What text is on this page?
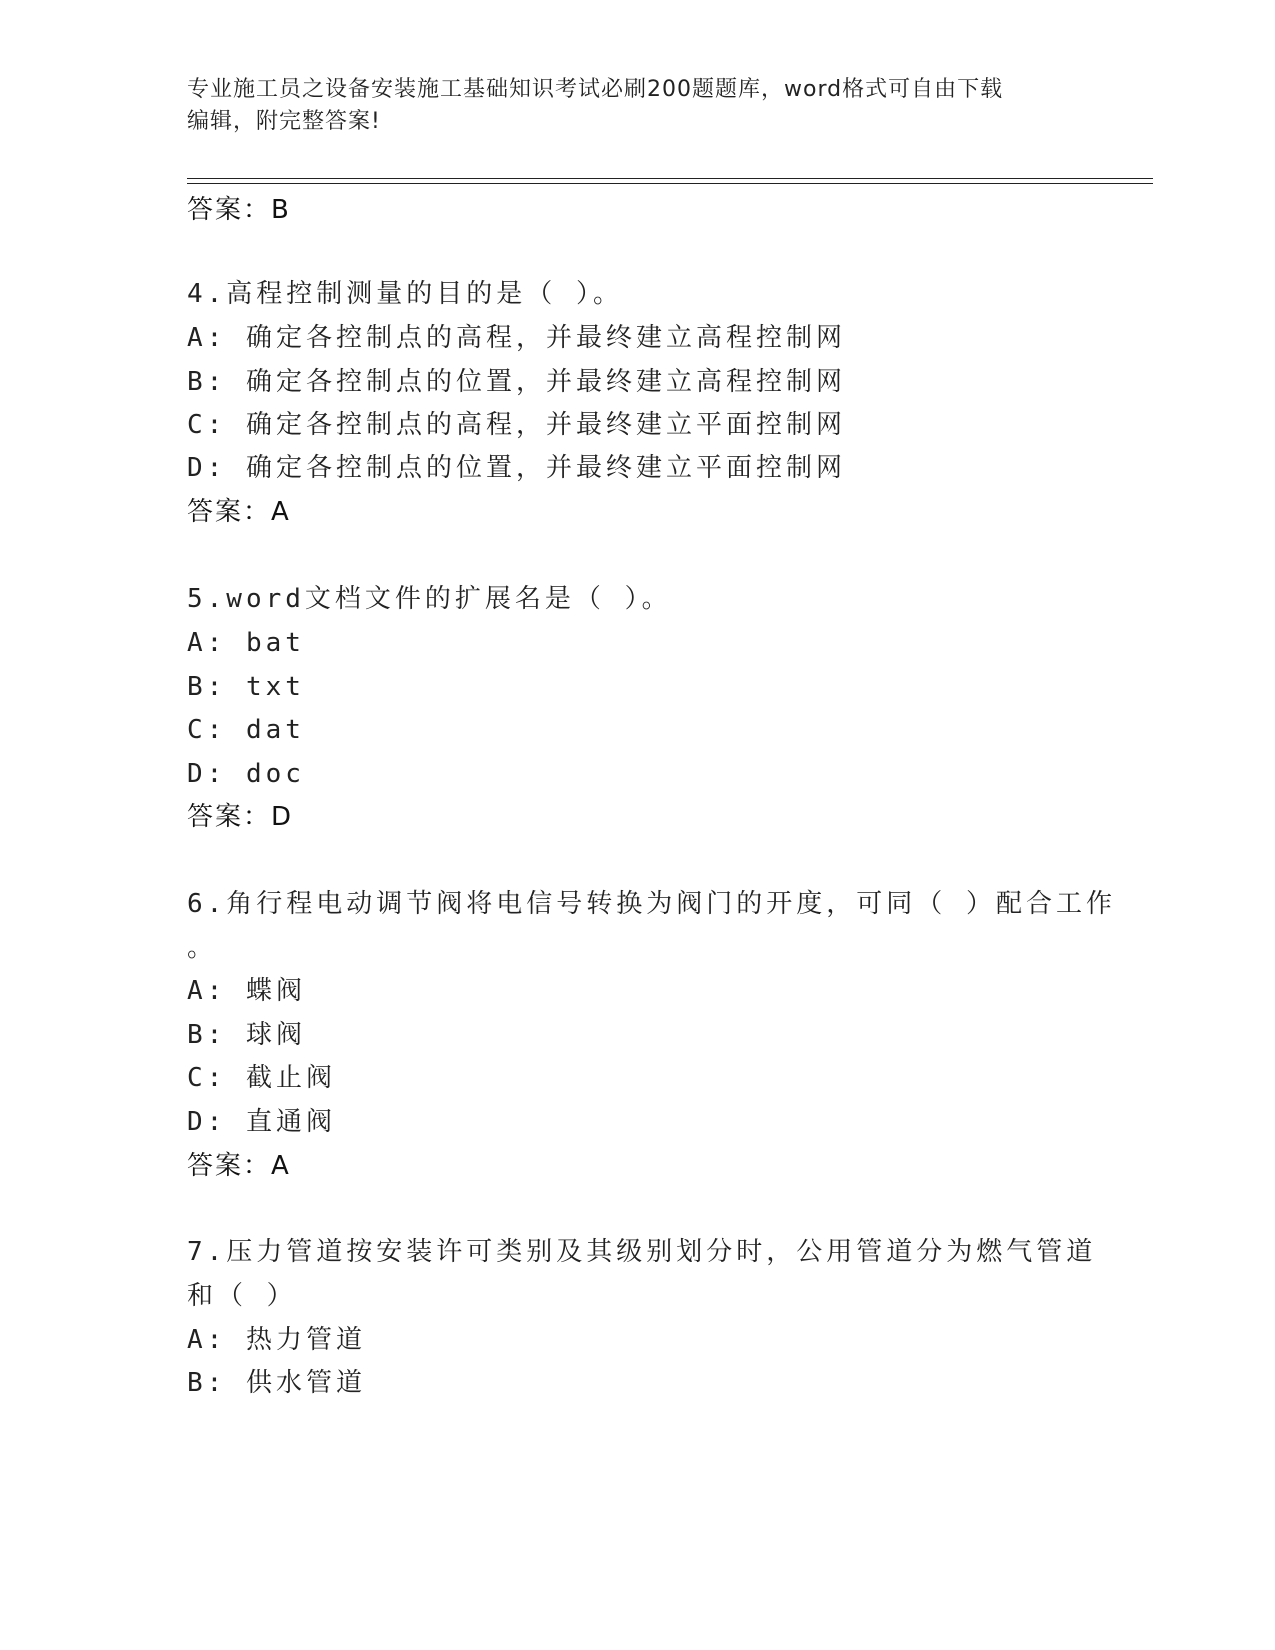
专业施工员之设备安装施工基础知识考试必刷200题题库，word格式可自由下载
编辑，附完整答案!
答案：B
4.高程控制测量的目的是（ ）。
A: 确定各控制点的高程，并最终建立高程控制网
B: 确定各控制点的位置，并最终建立高程控制网
C: 确定各控制点的高程，并最终建立平面控制网
D: 确定各控制点的位置，并最终建立平面控制网
答案：A
5.word文档文件的扩展名是（ ）。
A: bat
B: txt
C: dat
D: doc
答案：D
6.角行程电动调节阀将电信号转换为阀门的开度，可同（ ）配合工作
。
A: 蝶阀
B: 球阀
C: 截止阀
D: 直通阀
答案：A
7.压力管道按安装许可类别及其级别划分时，公用管道分为燃气管道
和（ ）
A: 热力管道
B: 供水管道
